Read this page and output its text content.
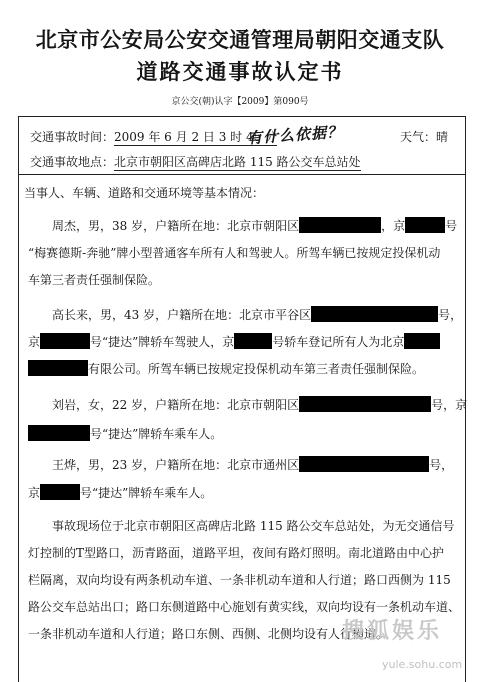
北京市公安局公安交通管理局朝阳交通支队
道路交通事故认定书
京公交(朝)认字【2009】第090号
交通事故时间：2009 年 6 月 2 日 3 时 45 分
有什么依据？	天气：晴
交通事故地点：北京市朝阳区高碑店北路 115 路公交车总站处
当事人、车辆、道路和交通环境等基本情况：
周杰，男，38 岁，户籍所在地：北京市朝阳区	，京	号
“梅赛德斯-奔驰”牌小型普通客车所有人和驾驶人。所驾车辆已按规定投保机动
车第三者责任强制保险。
高长来，男，43 岁，户籍所在地：北京市平谷区	号，
京	号“捷达”牌轿车驾驶人，京	号轿车登记所有人为北京
有限公司。所驾车辆已按规定投保机动车第三者责任强制保险。
刘岩，女，22 岁，户籍所在地：北京市朝阳区	号，京
号“捷达”牌轿车乘车人。
王烨，男，23 岁，户籍所在地：北京市通州区	号，
京	号“捷达”牌轿车乘车人。
事故现场位于北京市朝阳区高碑店北路 115 路公交车总站处，为无交通信号
灯控制的T型路口，沥青路面，道路平坦，夜间有路灯照明。南北道路由中心护
栏隔离，双向均设有两条机动车道、一条非机动车道和人行道；路口西侧为 115
路公交车总站出口；路口东侧道路中心施划有黄实线，双向均设有一条机动车道、
一条非机动车道和人行道；路口东侧、西侧、北侧均设有人行横道。
搜狐娱乐
yule.sohu.com
